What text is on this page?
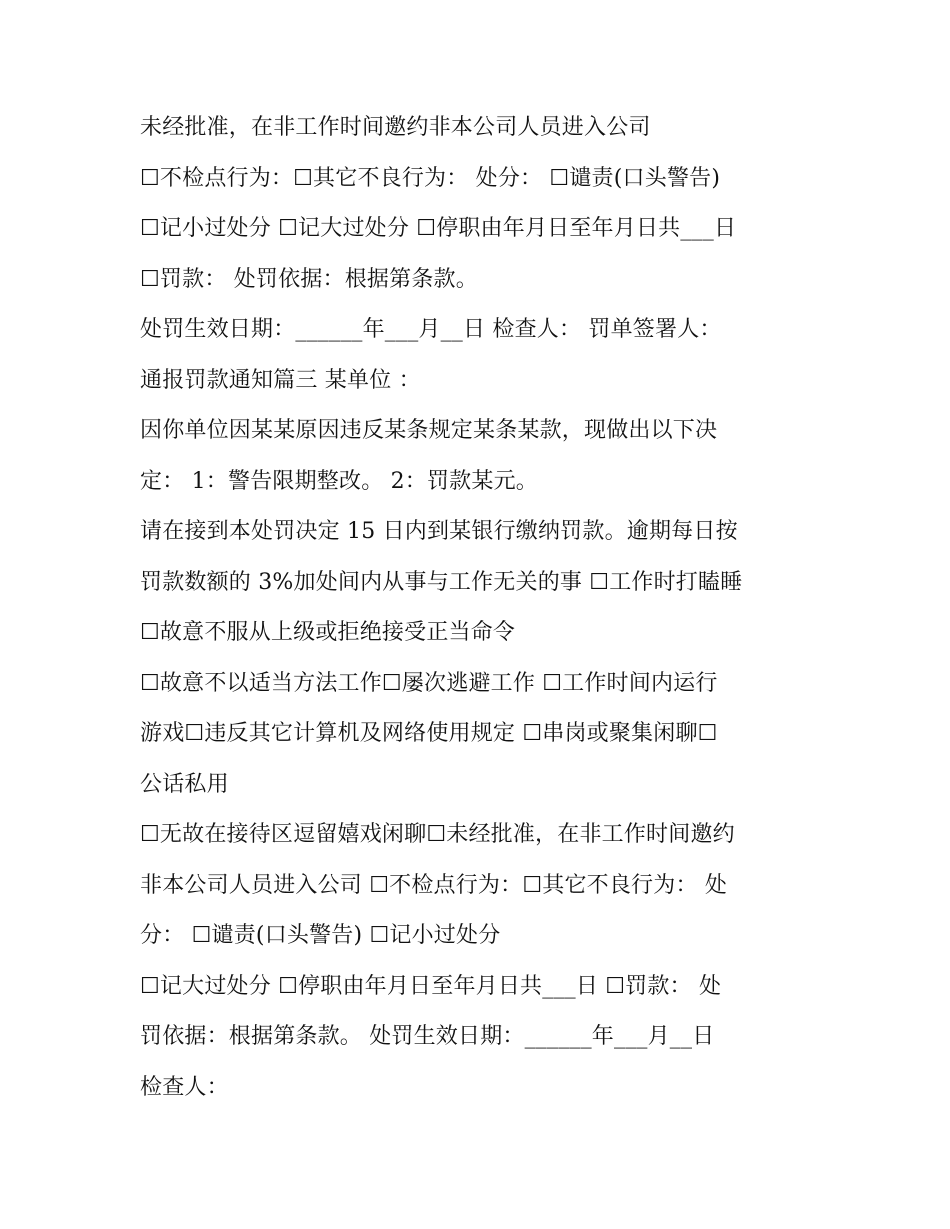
未经批准，在非工作时间邀约非本公司人员进入公司
☐不检点行为：☐其它不良行为： 处分： ☐谴责(口头警告)
☐记小过处分 ☐记大过处分 ☐停职由年月日至年月日共___日
☐罚款： 处罚依据：根据第条款。
处罚生效日期：______年___月__日 检查人： 罚单签署人：
通报罚款通知篇三 某单位 ：
因你单位因某某原因违反某条规定某条某款，现做出以下决
定： 1：警告限期整改。 2：罚款某元。
请在接到本处罚决定 15 日内到某银行缴纳罚款。逾期每日按
罚款数额的 3%加处间内从事与工作无关的事 ☐工作时打瞌睡
☐故意不服从上级或拒绝接受正当命令
☐故意不以适当方法工作☐屡次逃避工作 ☐工作时间内运行
游戏☐违反其它计算机及网络使用规定 ☐串岗或聚集闲聊☐
公话私用
☐无故在接待区逗留嬉戏闲聊☐未经批准，在非工作时间邀约
非本公司人员进入公司 ☐不检点行为：☐其它不良行为： 处
分： ☐谴责(口头警告) ☐记小过处分
☐记大过处分 ☐停职由年月日至年月日共___日 ☐罚款： 处
罚依据：根据第条款。 处罚生效日期：______年___月__日
检查人：
